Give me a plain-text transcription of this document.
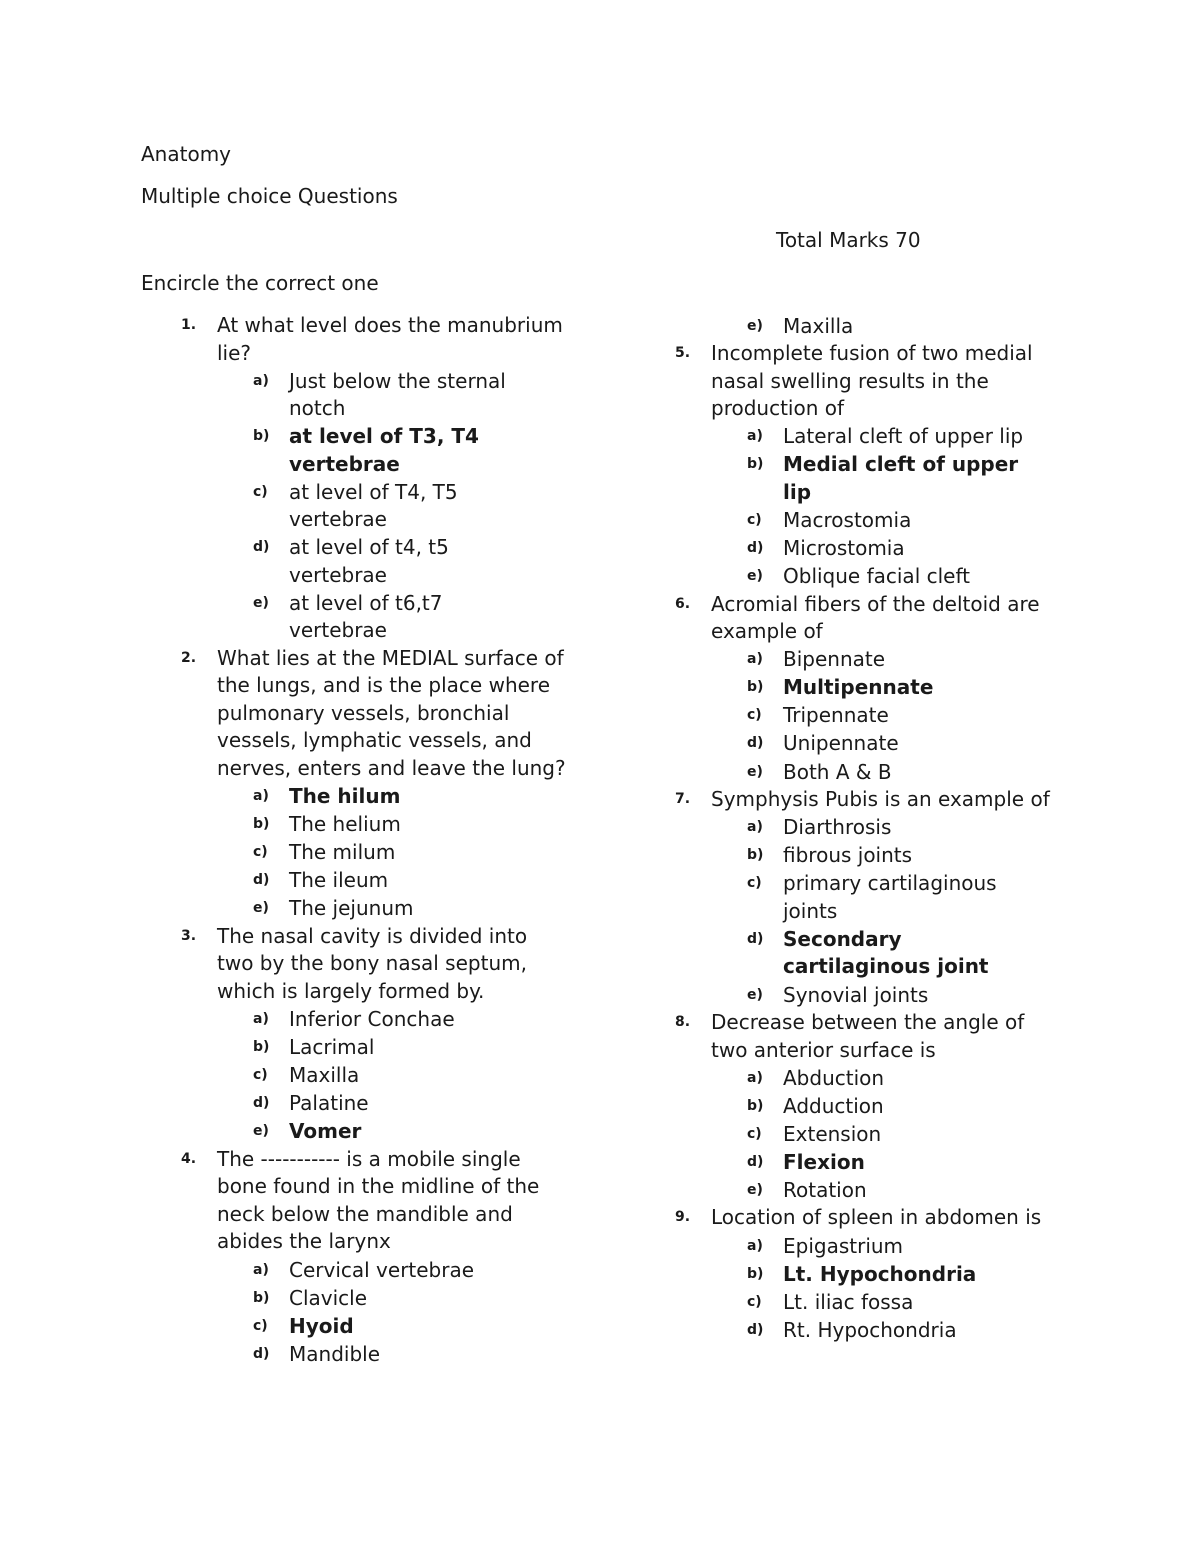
Anatomy
Multiple choice Questions
Total Marks 70
Encircle the correct one
1.	At what level does the manubrium lie?
a)	Just below the sternal notch
b) at level of T3, T4 vertebrae
c)	at level of T4, T5 vertebrae
d) at level of t4, t5 vertebrae
e)	at level of t6,t7 vertebrae
2.	What lies at the MEDIAL surface of the lungs, and is the place where pulmonary vessels, bronchial vessels, lymphatic vessels, and nerves, enters and leave the lung?
a)	The hilum
b) The helium
c)	The milum
d) The ileum
e)	The jejunum
3.	The nasal cavity is divided into two by the bony nasal septum, which is largely formed by.
a)	Inferior Conchae
b) Lacrimal
c)	Maxilla
d) Palatine
e)	Vomer
4.	The ----------- is a mobile single bone found in the midline of the neck below the mandible and abides the larynx
a)	Cervical vertebrae
b) Clavicle
c)	Hyoid
d) Mandible
e)	Maxilla
5.	Incomplete fusion of two medial nasal swelling results in the production of
a)	Lateral cleft of upper lip
b) Medial cleft of upper lip
c)	Macrostomia
d) Microstomia
e)	Oblique facial cleft
6.	Acromial fibers of the deltoid are example of
a)	Bipennate
b) Multipennate
c)	Tripennate
d) Unipennate
e)	Both A & B
7.	Symphysis Pubis is an example of
a)	Diarthrosis
b) fibrous joints
c)	primary cartilaginous joints
d) Secondary cartilaginous joint
e)	Synovial joints
8.	Decrease between the angle of two anterior surface is
a)	Abduction
b) Adduction
c)	Extension
d) Flexion
e)	Rotation
9.	Location of spleen in abdomen is
a)	Epigastrium
b) Lt. Hypochondria
c)	Lt. iliac fossa
d) Rt. Hypochondria
